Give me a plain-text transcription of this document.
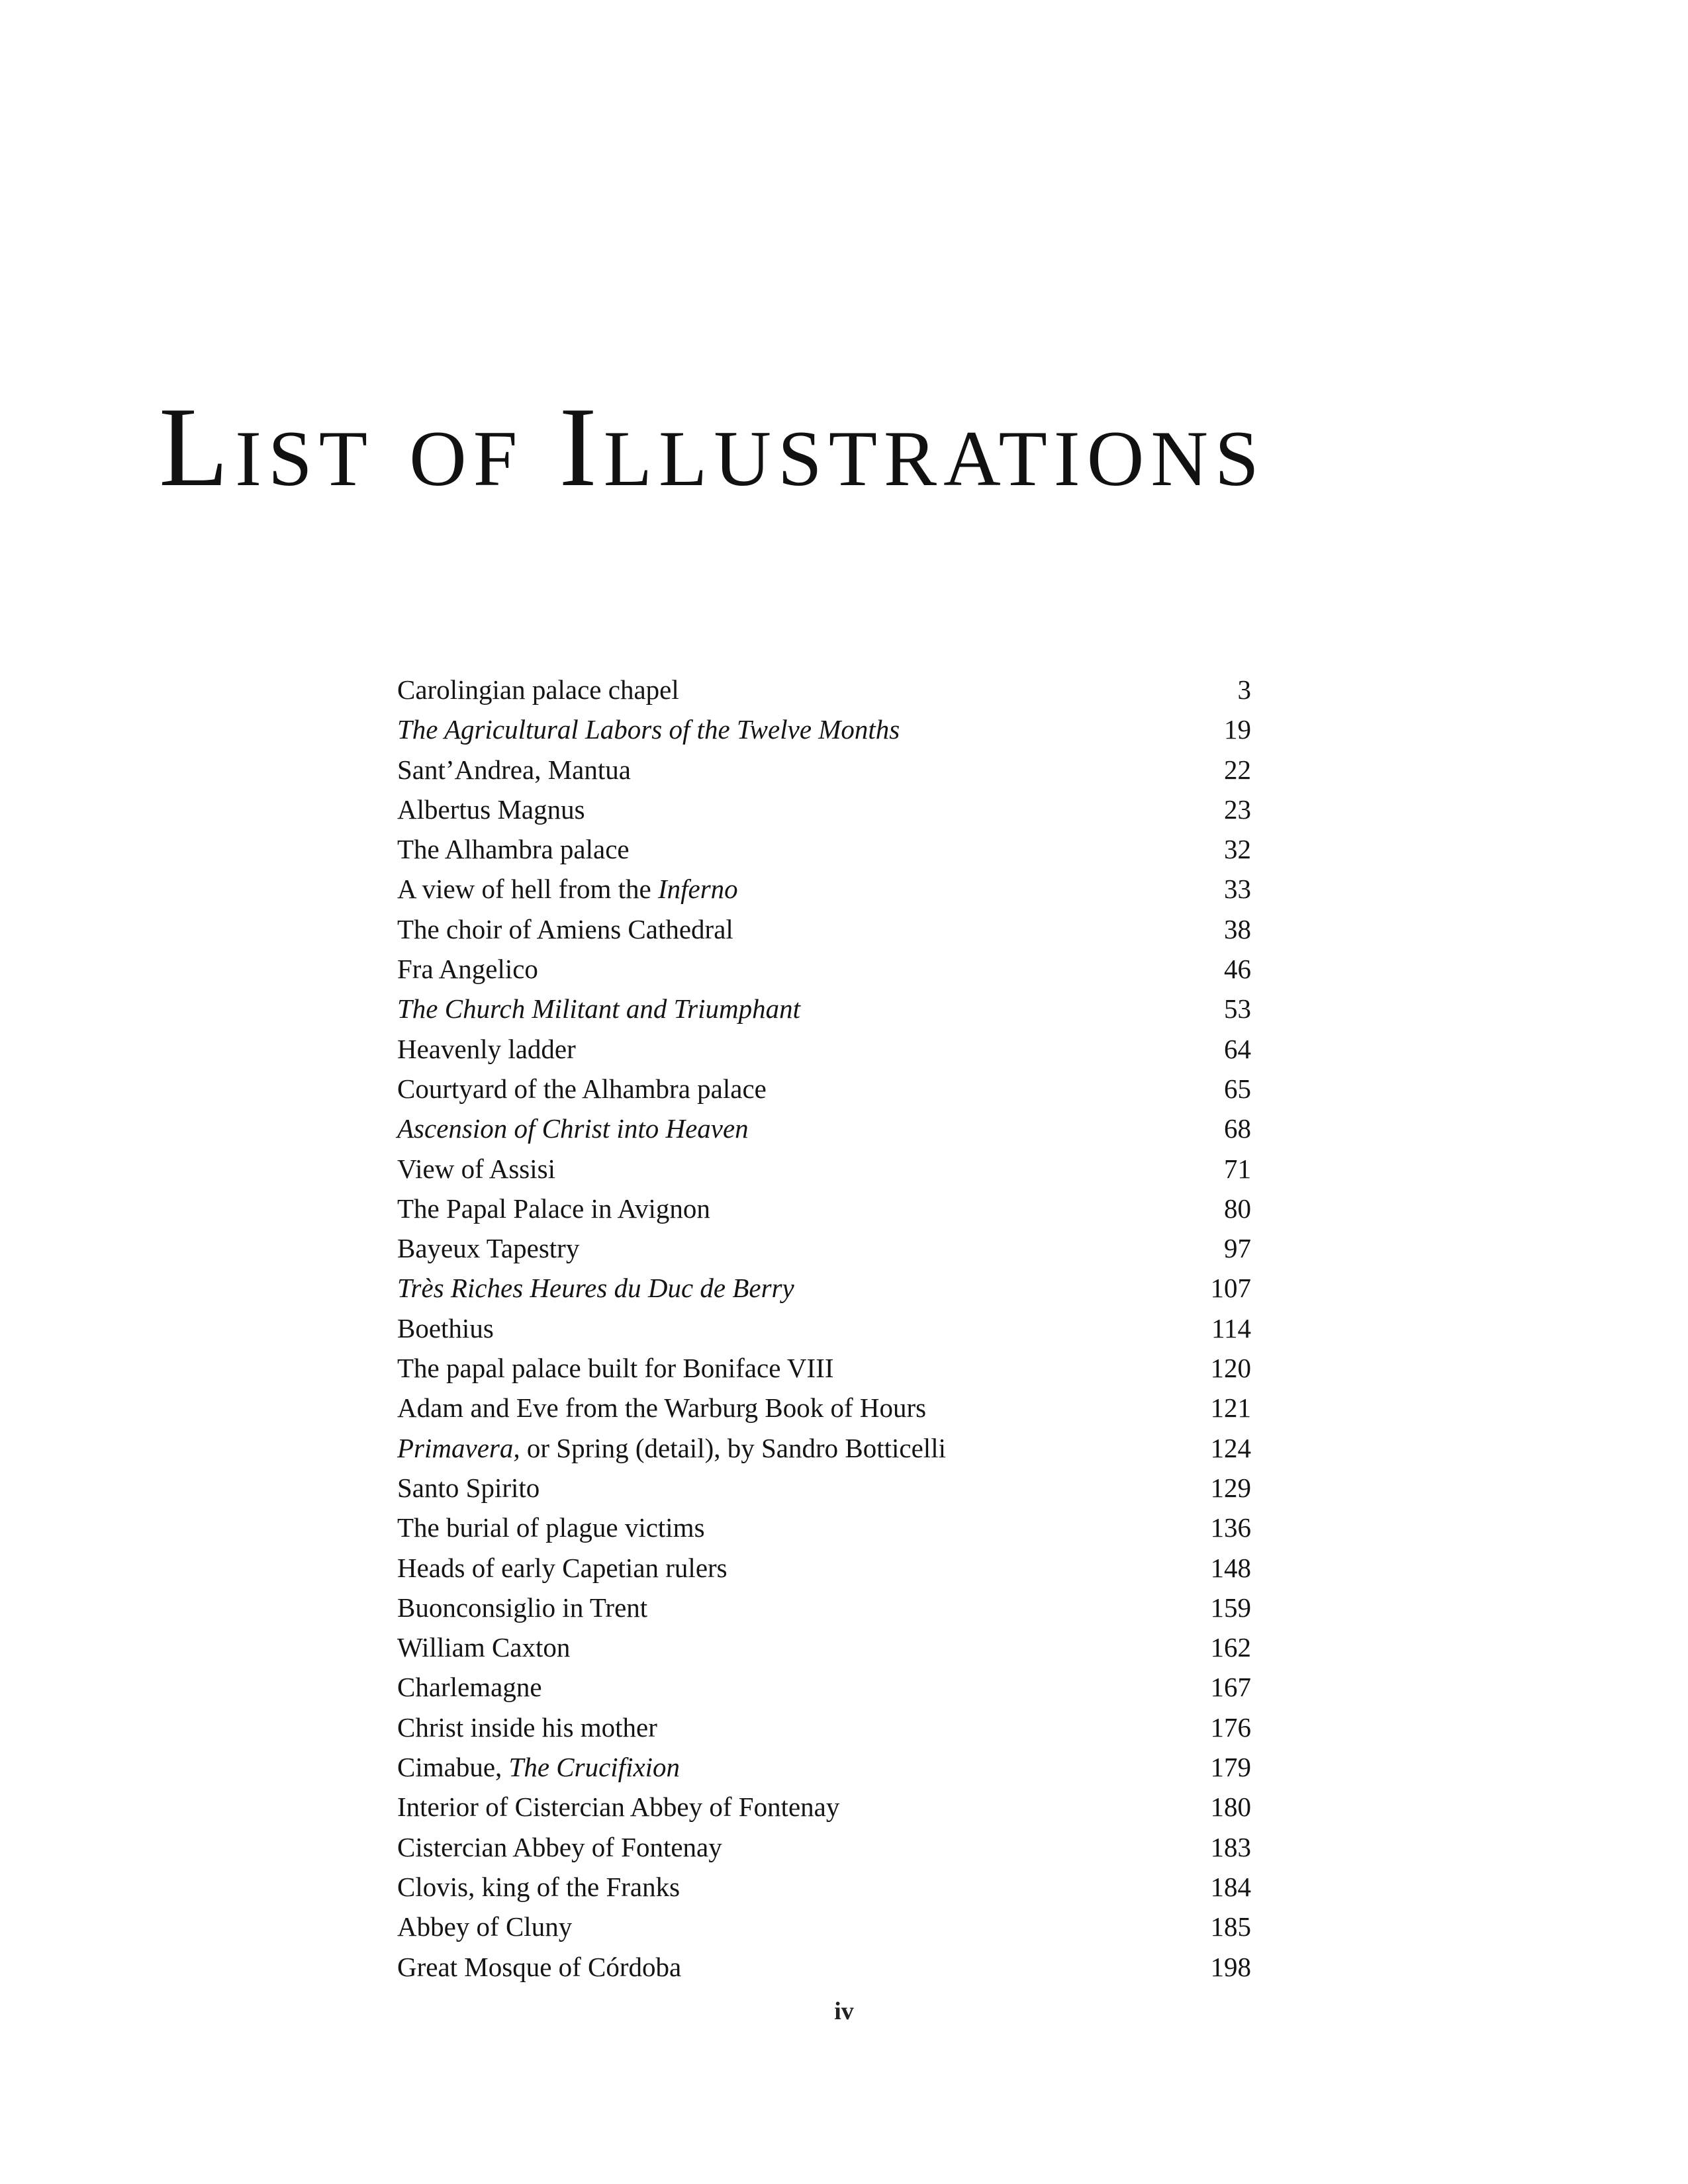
List of Illustrations
Carolingian palace chapel	3
The Agricultural Labors of the Twelve Months	19
Sant’Andrea, Mantua	22
Albertus Magnus	23
The Alhambra palace	32
A view of hell from the Inferno	33
The choir of Amiens Cathedral	38
Fra Angelico	46
The Church Militant and Triumphant	53
Heavenly ladder	64
Courtyard of the Alhambra palace	65
Ascension of Christ into Heaven	68
View of Assisi	71
The Papal Palace in Avignon	80
Bayeux Tapestry	97
Très Riches Heures du Duc de Berry	107
Boethius	114
The papal palace built for Boniface VIII	120
Adam and Eve from the Warburg Book of Hours	121
Primavera, or Spring (detail), by Sandro Botticelli	124
Santo Spirito	129
The burial of plague victims	136
Heads of early Capetian rulers	148
Buonconsiglio in Trent	159
William Caxton	162
Charlemagne	167
Christ inside his mother	176
Cimabue, The Crucifixion	179
Interior of Cistercian Abbey of Fontenay	180
Cistercian Abbey of Fontenay	183
Clovis, king of the Franks	184
Abbey of Cluny	185
Great Mosque of Córdoba	198
iv
